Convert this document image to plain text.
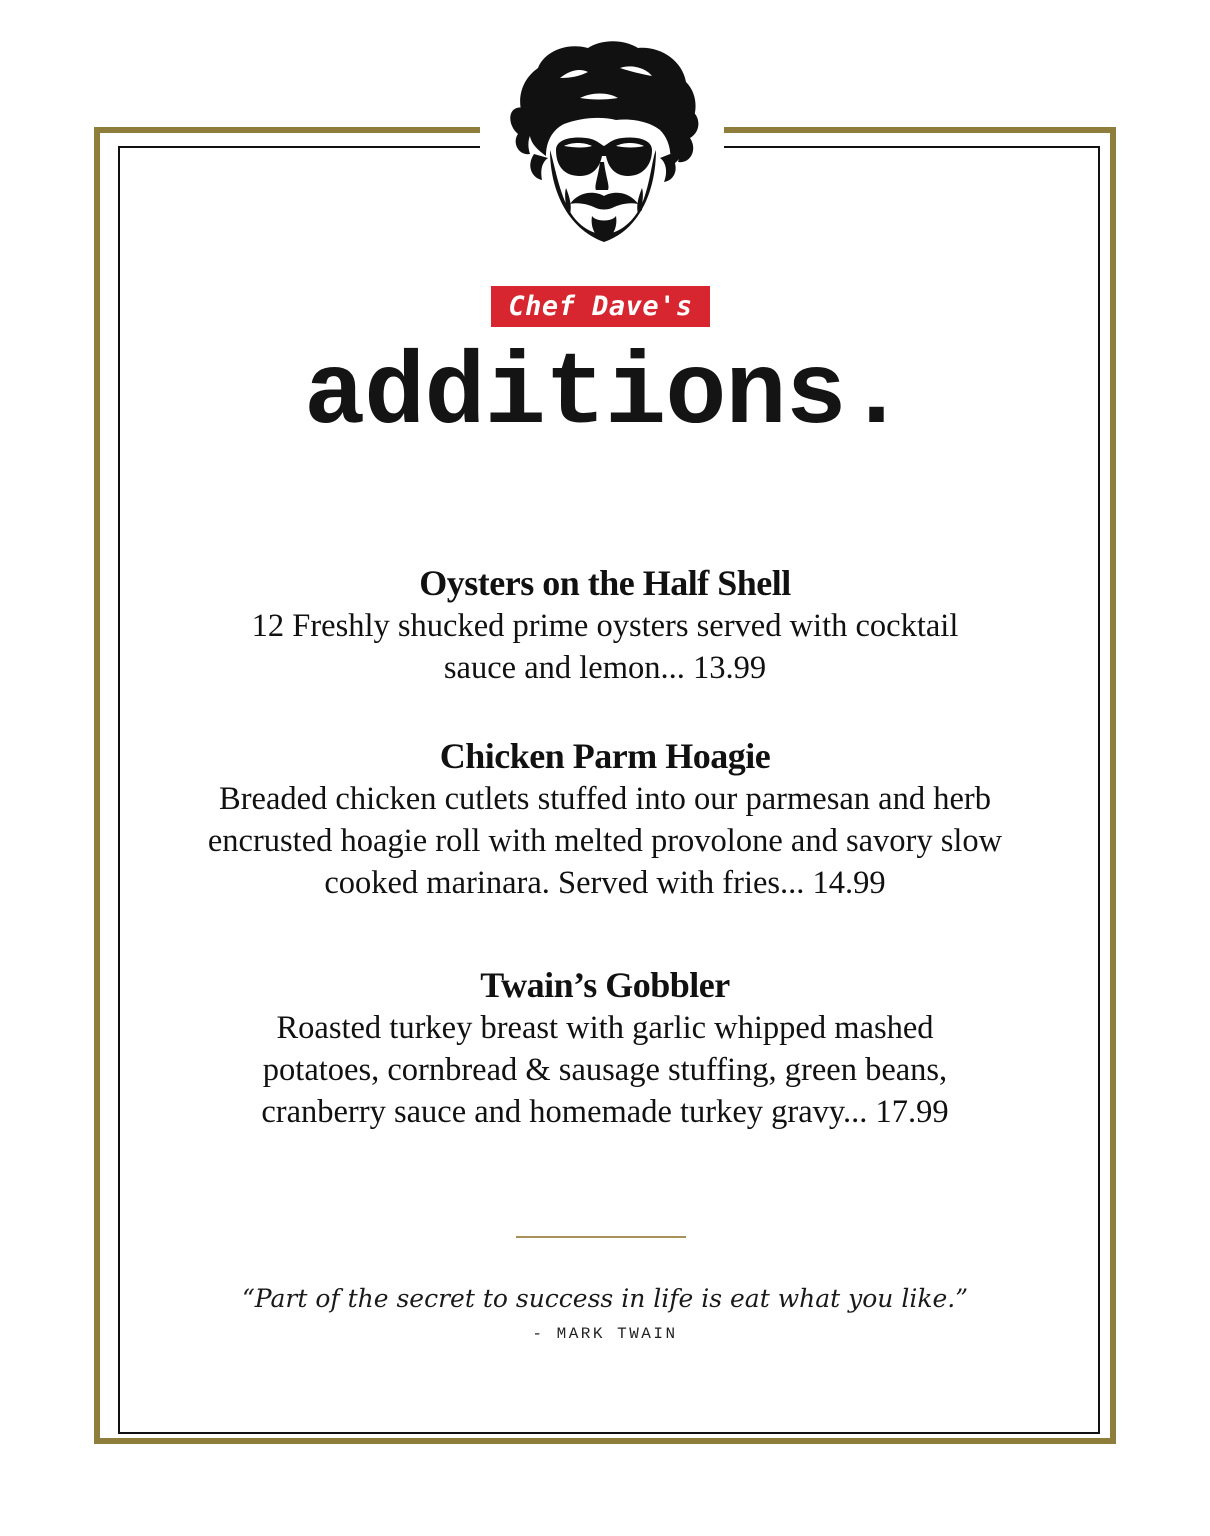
Chef Dave's
additions.
Oysters on the Half Shell
12 Freshly shucked prime oysters served with cocktail sauce and lemon... 13.99
Chicken Parm Hoagie
Breaded chicken cutlets stuffed into our parmesan and herb encrusted hoagie roll with melted provolone and savory slow cooked marinara. Served with fries... 14.99
Twain’s Gobbler
Roasted turkey breast with garlic whipped mashed potatoes, cornbread & sausage stuffing, green beans, cranberry sauce and homemade turkey gravy... 17.99
“Part of the secret to success in life is eat what you like.”
- MARK TWAIN
